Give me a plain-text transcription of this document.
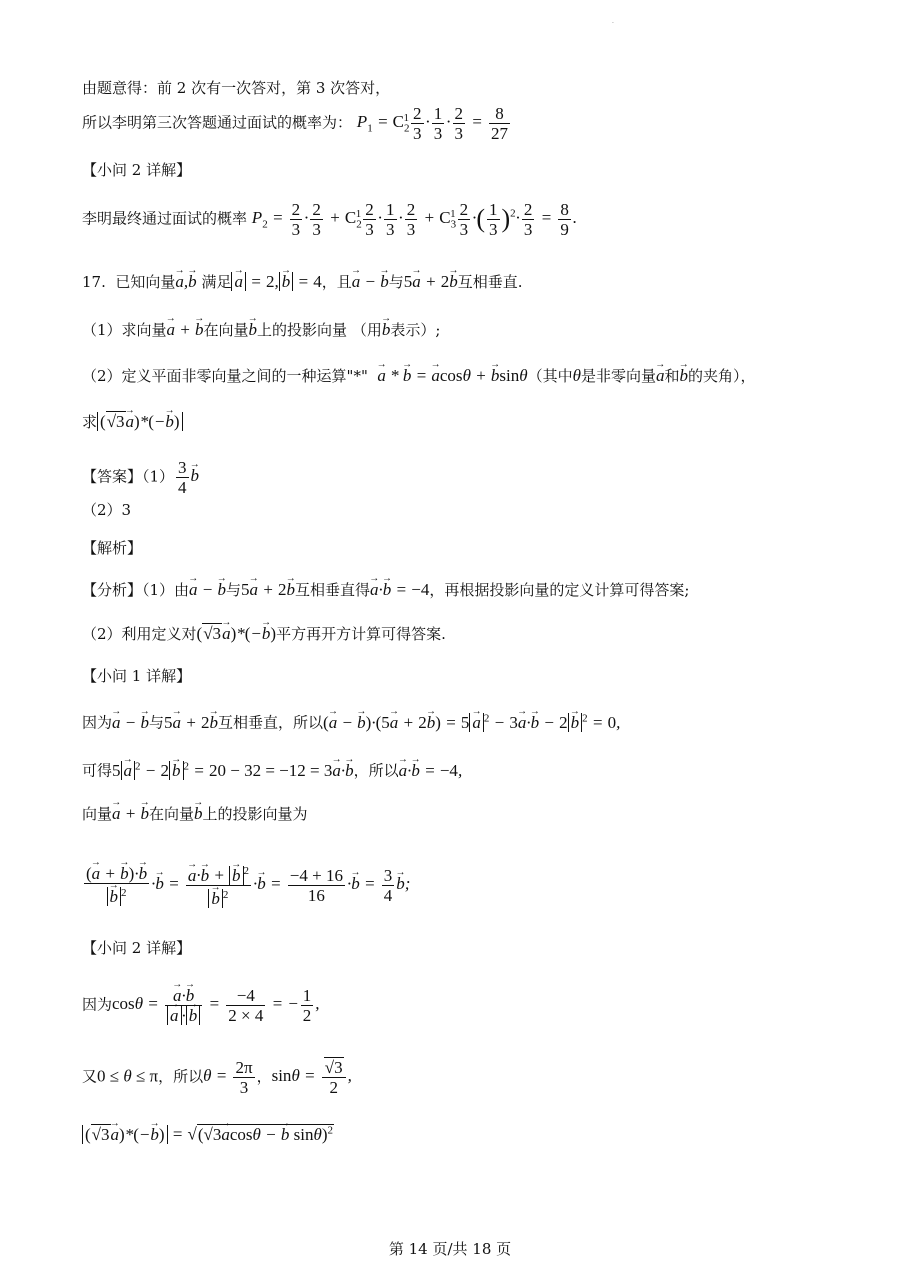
·
由题意得：前 2 次有一次答对，第 3 次答对，
所以李明第三次答题通过面试的概率为： $P_1 = C_2^1 \frac{2}{3} \cdot \frac{1}{3} \cdot \frac{2}{3} = \frac{8}{27}$
【小问 2 详解】
李明最终通过面试的概率 $P_2 = \frac{2}{3} \cdot \frac{2}{3} + C_2^1 \frac{2}{3} \cdot \frac{1}{3} \cdot \frac{2}{3} + C_3^1 \frac{2}{3}$ ·( $\frac{1}{3} )^2\cdot \frac{2}{3} = \frac{8}{9}$ .
17. 已知向量→ a,→ b 满足→ a = 2,→ b = 4，且→ a − → b与5→ a + 2→ b互相垂直.
（1）求向量→ a + → b在向量→ b上的投影向量 （用→ b表示）;
（2）定义平面非零向量之间的一种运算"*"  → a * → b = → acosθ + → bsinθ（其中θ是非零向量→ a和→ b的夹角），
求 (√3→ a)*(−→ b)
【答案】$(1) \frac{3}{4}$
→ b
（2）3
【解析】
【分析】（1）由→ a − → b与5→ a + 2→ b互相垂直得→ a·→ b = −4，再根据投影向量的定义计算可得答案;
（2）利用定义对(√3→ a)*(−→ b)平方再开方计算可得答案.
【小问 1 详解】
因为→ a − → b与5→ a + 2→ b互相垂直，所以(→ a − → b)·(5→ a + 2→ b) = 5→ a $^2$ − 3→ a·→ b − 2→ b $^2$ = 0,
可得5→ a $^2$ − 2→ b $^2$ = 20 − 32 = −12 = 3→ a·→ b，所以→ a·→ b = −4,
向量→ a + → b在向量→ b上的投影向量为
(→ a + → b)·→ b
→ b $^2$ ·→ b =
→ a·→ b + → b $^2$
→ b $^2 \cdot\to b = \frac{-4 + 16}{16} \cdot\to b = \frac{3}{4}$
→ b;
【小问 2 详解】
因为cosθ =
→ a·→ b
→ $a \cdot\to b = \frac{-4}{2 \times 4}$ = − $\frac{1}{2}$ ,
又0 ≤ θ ≤ π，所以$\theta = \frac{2\pi}{3}$ ，$\sin\theta = \frac{√3}{2}$ ,
(√3→ a)*(−→ b) = √(√3→ acosθ − → b sinθ)$^2$
第 14 页/共 18 页
